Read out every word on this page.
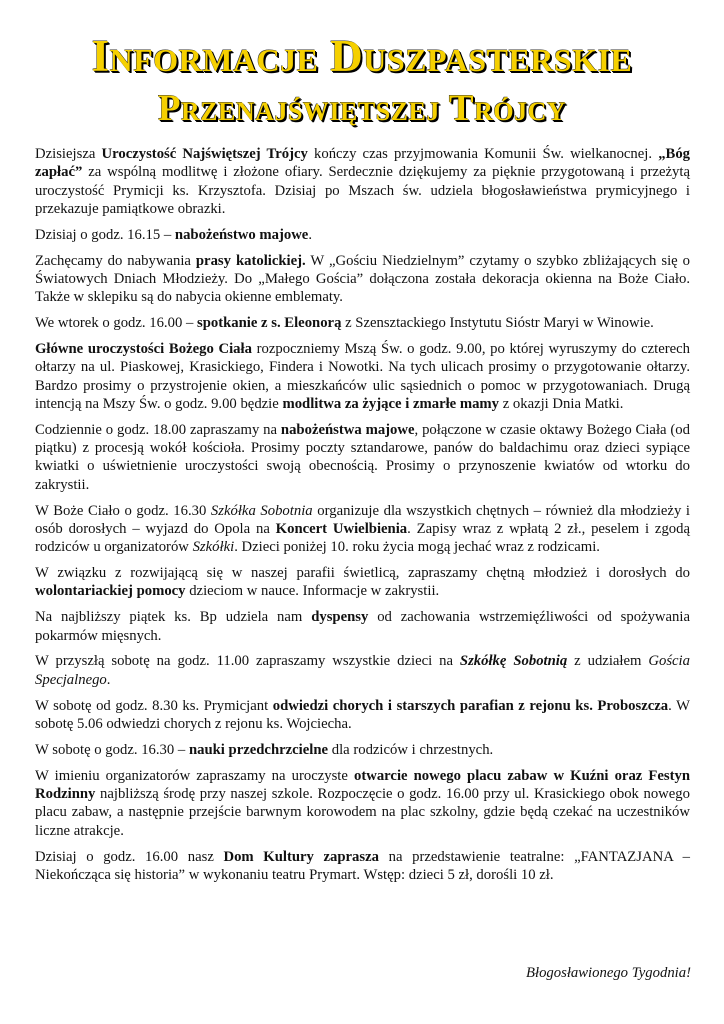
Informacje Duszpasterskie
Przenajświętszej Trójcy

Dzisiejsza Uroczystość Najświętszej Trójcy kończy czas przyjmowania Komunii Św. wielkanocnej. „Bóg zapłać” za wspólną modlitwę i złożone ofiary. Serdecznie dziękujemy za pięknie przygotowaną i przeżytą uroczystość Prymicji ks. Krzysztofa. Dzisiaj po Mszach św. udziela błogosławieństwa prymicyjnego i przekazuje pamiątkowe obrazki.

Dzisiaj o godz. 16.15 – nabożeństwo majowe.

Zachęcamy do nabywania prasy katolickiej. W „Gościu Niedzielnym” czytamy o szybko zbliżających się o Światowych Dniach Młodzieży. Do „Małego Gościa” dołączona została dekoracja okienna na Boże Ciało. Także w sklepiku są do nabycia okienne emblematy.

We wtorek o godz. 16.00 – spotkanie z s. Eleonorą z Szensztackiego Instytutu Sióstr Maryi w Winowie.

Główne uroczystości Bożego Ciała rozpoczniemy Mszą Św. o godz. 9.00, po której wyruszymy do czterech ołtarzy na ul. Piaskowej, Krasickiego, Findera i Nowotki. Na tych ulicach prosimy o przygotowanie ołtarzy. Bardzo prosimy o przystrojenie okien, a mieszkańców ulic sąsiednich o pomoc w przygotowaniach. Drugą intencją na Mszy Św. o godz. 9.00 będzie modlitwa za żyjące i zmarłe mamy z okazji Dnia Matki.

Codziennie o godz. 18.00 zapraszamy na nabożeństwa majowe, połączone w czasie oktawy Bożego Ciała (od piątku) z procesją wokół kościoła. Prosimy poczty sztandarowe, panów do baldachimu oraz dzieci sypiące kwiatki o uświetnienie uroczystości swoją obecnością. Prosimy o przynoszenie kwiatów od wtorku do zakrystii.

W Boże Ciało o godz. 16.30 Szkółka Sobotnia organizuje dla wszystkich chętnych – również dla młodzieży i osób dorosłych – wyjazd do Opola na Koncert Uwielbienia. Zapisy wraz z wpłatą 2 zł., peselem i zgodą rodziców u organizatorów Szkółki. Dzieci poniżej 10. roku życia mogą jechać wraz z rodzicami.

W związku z rozwijającą się w naszej parafii świetlicą, zapraszamy chętną młodzież i dorosłych do wolontariackiej pomocy dzieciom w nauce. Informacje w zakrystii.

Na najbliższy piątek ks. Bp udziela nam dyspensy od zachowania wstrzemięźliwości od spożywania pokarmów mięsnych.

W przyszłą sobotę na godz. 11.00 zapraszamy wszystkie dzieci na Szkółkę Sobotnią z udziałem Gościa Specjalnego.

W sobotę od godz. 8.30 ks. Prymicjant odwiedzi chorych i starszych parafian z rejonu ks. Proboszcza. W sobotę 5.06 odwiedzi chorych z rejonu ks. Wojciecha.

W sobotę o godz. 16.30 – nauki przedchrzcielne dla rodziców i chrzestnych.

W imieniu organizatorów zapraszamy na uroczyste otwarcie nowego placu zabaw w Kuźni oraz Festyn Rodzinny najbliższą środę przy naszej szkole. Rozpoczęcie o godz. 16.00 przy ul. Krasickiego obok nowego placu zabaw, a następnie przejście barwnym korowodem na plac szkolny, gdzie będą czekać na uczestników liczne atrakcje.

Dzisiaj o godz. 16.00 nasz Dom Kultury zaprasza na przedstawienie teatralne: „FANTAZJANA – Niekończąca się historia” w wykonaniu teatru Prymart. Wstęp: dzieci 5 zł, dorośli 10 zł.

Błogosławionego Tygodnia!
